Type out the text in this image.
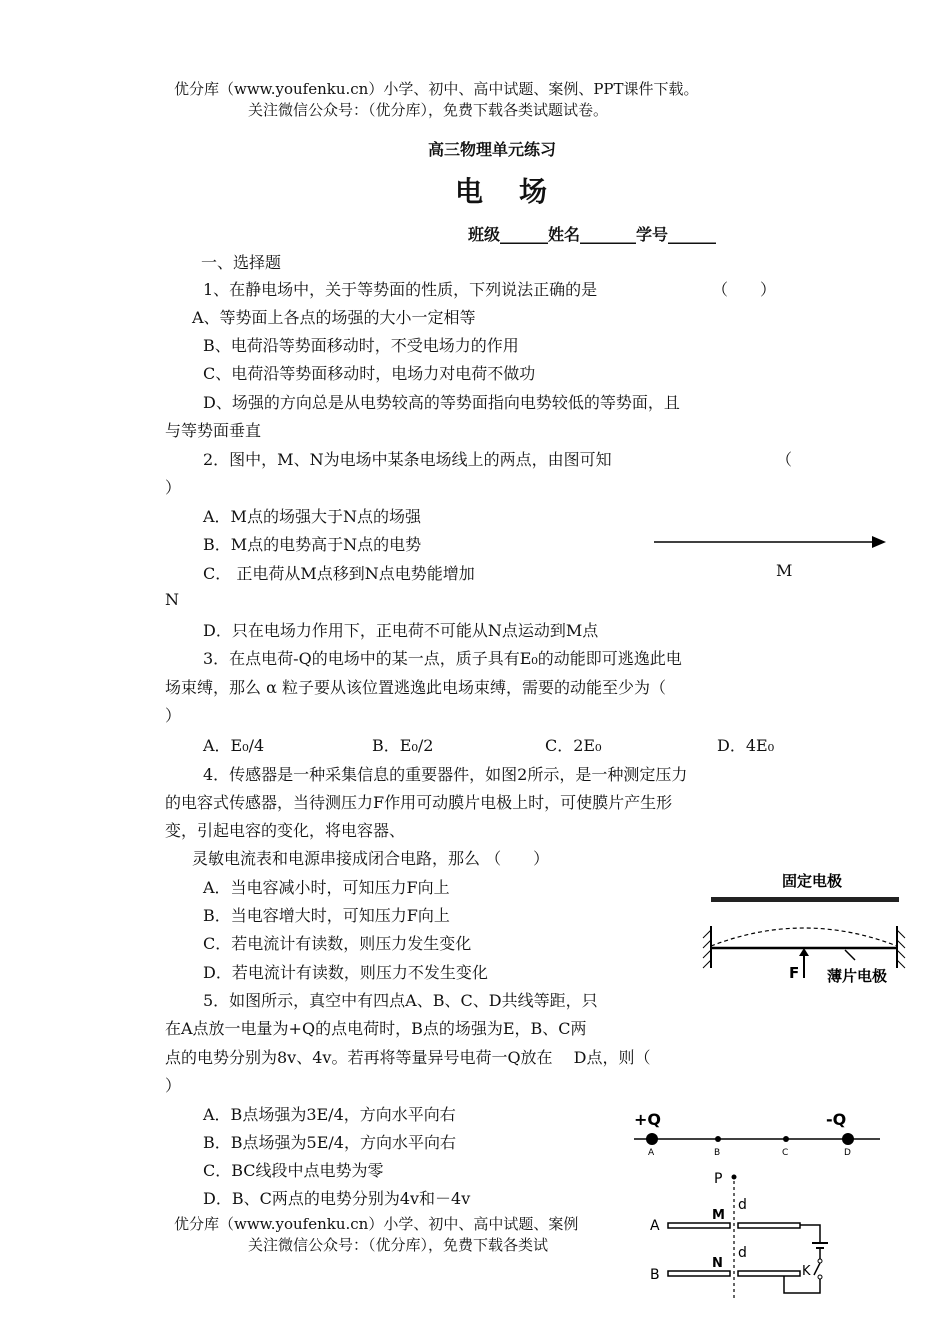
优分库（www.youfenku.cn）小学、初中、高中试题、案例、PPT课件下载。
关注微信公众号：（优分库），免费下载各类试题试卷。
高三物理单元练习
电　场
班级______姓名_______学号______
一、选择题
1、在静电场中，关于等势面的性质，下列说法正确的是	（　　）
A、等势面上各点的场强的大小一定相等
B、电荷沿等势面移动时，不受电场力的作用
C、电荷沿等势面移动时，电场力对电荷不做功
D、场强的方向总是从电势较高的等势面指向电势较低的等势面，且
与等势面垂直
2．图中，M、N为电场中某条电场线上的两点，由图可知	（
）
A．M点的场强大于N点的场强
B．M点的电势高于N点的电势
C． 正电荷从M点移到N点电势能增加	M
N
D．只在电场力作用下，正电荷不可能从N点运动到M点
3．在点电荷-Q的电场中的某一点，质子具有E₀的动能即可逃逸此电
场束缚，那么 α 粒子要从该位置逃逸此电场束缚，需要的动能至少为（
）
A．E₀/4	B．E₀/2	C．2E₀	D．4E₀
4．传感器是一种采集信息的重要器件，如图2所示，是一种测定压力
的电容式传感器，当待测压力F作用可动膜片电极上时，可使膜片产生形
变，引起电容的变化，将电容器、
灵敏电流表和电源串接成闭合电路，那么 （　　）
A．当电容减小时，可知压力F向上
B．当电容增大时，可知压力F向上
C．若电流计有读数，则压力发生变化
D．若电流计有读数，则压力不发生变化
固定电极
F 薄片电极
5．如图所示，真空中有四点A、B、C、D共线等距，只
在A点放一电量为+Q的点电荷时，B点的场强为E，B、C两
点的电势分别为8v、4v。若再将等量异号电荷一Q放在　 D点，则（
）
A．B点场强为3E/4，方向水平向右
B．B点场强为5E/4，方向水平向右
C．BC线段中点电势为零
D．B、C两点的电势分别为4v和－4v
+Q	-Q
A	B	C	D
P
d
A
M
d
B
N
K
优分库（www.youfenku.cn）小学、初中、高中试题、案例
关注微信公众号：（优分库），免费下载各类试
